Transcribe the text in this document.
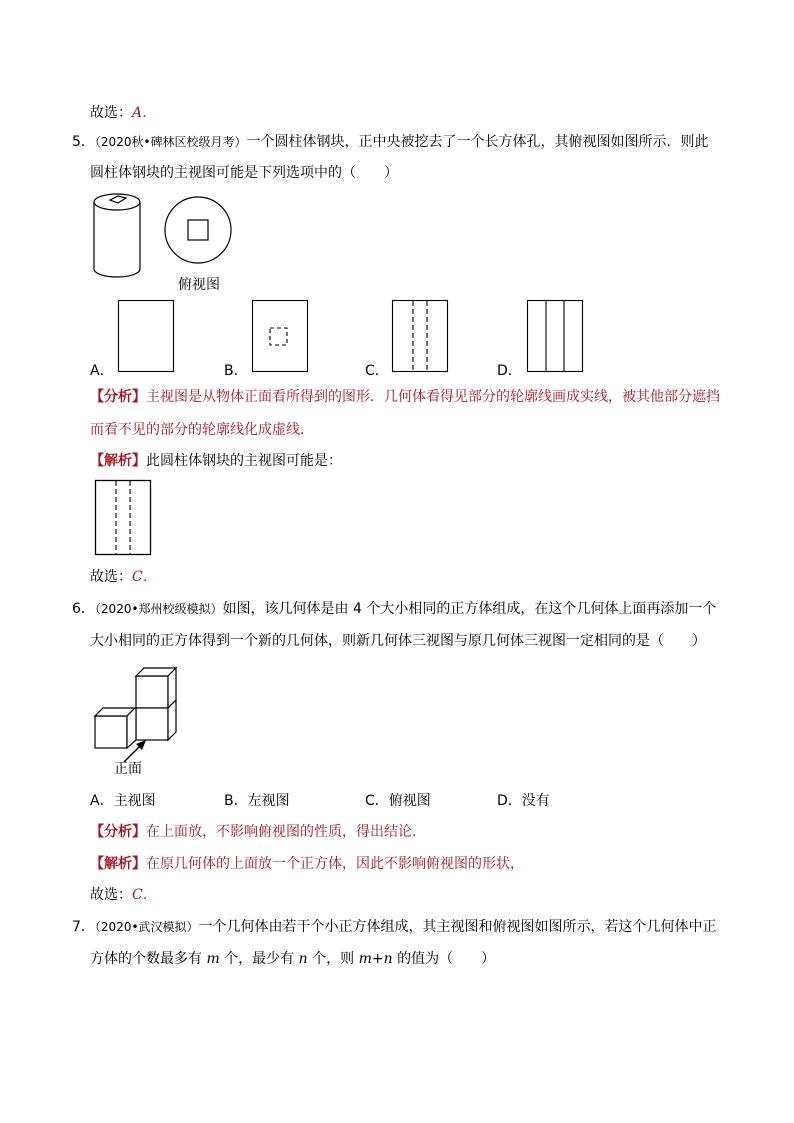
故选：A．
5．（2020秋•碑林区校级月考）一个圆柱体钢块，正中央被挖去了一个长方体孔，其俯视图如图所示．则此
圆柱体钢块的主视图可能是下列选项中的（　　）
俯视图
A．	B．	C．	D．
【分析】主视图是从物体正面看所得到的图形．几何体看得见部分的轮廓线画成实线，被其他部分遮挡
而看不见的部分的轮廓线化成虚线．
【解析】此圆柱体钢块的主视图可能是：
故选：C．
6．（2020•郑州校级模拟）如图，该几何体是由 4 个大小相同的正方体组成，在这个几何体上面再添加一个
大小相同的正方体得到一个新的几何体，则新几何体三视图与原几何体三视图一定相同的是（　　）
正面
A．主视图	B．左视图	C．俯视图	D．没有
【分析】在上面放，不影响俯视图的性质，得出结论．
【解析】在原几何体的上面放一个正方体，因此不影响俯视图的形状，
故选：C．
7．（2020•武汉模拟）一个几何体由若干个小正方体组成，其主视图和俯视图如图所示，若这个几何体中正
方体的个数最多有 m 个，最少有 n 个，则 m+n 的值为（　　）
